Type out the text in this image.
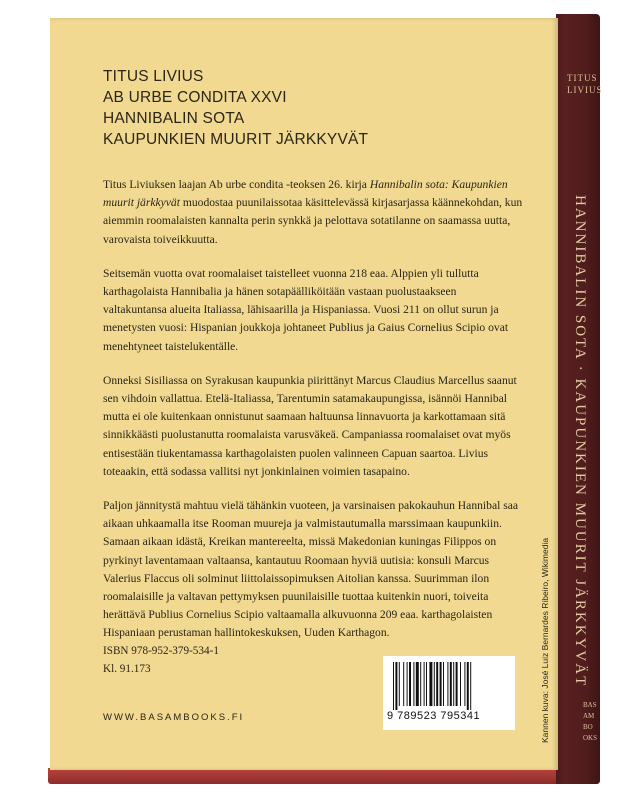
TITUS LIVIUS
HANNIBALIN SOTA · KAUPUNKIEN MUURIT JÄRKKYVÄT
BASAM BOOKS
TITUS LIVIUS
AB URBE CONDITA XXVI
HANNIBALIN SOTA
KAUPUNKIEN MUURIT JÄRKKYVÄT

Titus Liviuksen laajan Ab urbe condita -teoksen 26. kirja Hannibalin sota: Kaupunkien muurit järkkyvät muodostaa puunilaissotaa käsittelevässä kirjasarjassa käännekohdan, kun aiemmin roomalaisten kannalta perin synkkä ja pelottava sotatilanne on saamassa uutta, varovaista toiveikkuutta.

Seitsemän vuotta ovat roomalaiset taistelleet vuonna 218 eaa. Alppien yli tullutta karthagolaista Hannibalia ja hänen sotapäälliköitään vastaan puolustaakseen valtakuntansa alueita Italiassa, lähisaarilla ja Hispaniassa. Vuosi 211 on ollut surun ja menetysten vuosi: Hispanian joukkoja johtaneet Publius ja Gaius Cornelius Scipio ovat menehtyneet taistelukentälle.

Onneksi Sisiliassa on Syrakusan kaupunkia piirittänyt Marcus Claudius Marcellus saanut sen vihdoin vallattua. Etelä-Italiassa, Tarentumin satamakaupungissa, isännöi Hannibal mutta ei ole kuitenkaan onnistunut saamaan haltuunsa linnavuorta ja karkottamaan sitä sinnikkäästi puolustanutta roomalaista varusväkeä. Campaniassa roomalaiset ovat myös entisestään tiukentamassa karthagolaisten puolen valinneen Capuan saartoa. Livius toteaakin, että sodassa vallitsi nyt jonkinlainen voimien tasapaino.

Paljon jännitystä mahtuu vielä tähänkin vuoteen, ja varsinaisen pakokauhun Hannibal saa aikaan uhkaamalla itse Rooman muureja ja valmistautumalla marssimaan kaupunkiin. Samaan aikaan idästä, Kreikan mantereelta, missä Makedonian kuningas Filippos on pyrkinyt laventamaan valtaansa, kantautuu Roomaan hyviä uutisia: konsuli Marcus Valerius Flaccus oli solminut liittolaissopimuksen Aitolian kanssa. Suurimman ilon roomalaisille ja valtavan pettymyksen puunilaisille tuottaa kuitenkin nuori, toiveita herättävä Publius Cornelius Scipio valtaamalla alkuvuonna 209 eaa. karthagolaisten Hispaniaan perustaman hallintokeskuksen, Uuden Karthagon.

ISBN 978-952-379-534-1
Kl. 91.173
WWW.BASAMBOOKS.FI	9 789523 795341	Kannen kuva: José Luiz Bernardes Ribeiro, Wikimedia
